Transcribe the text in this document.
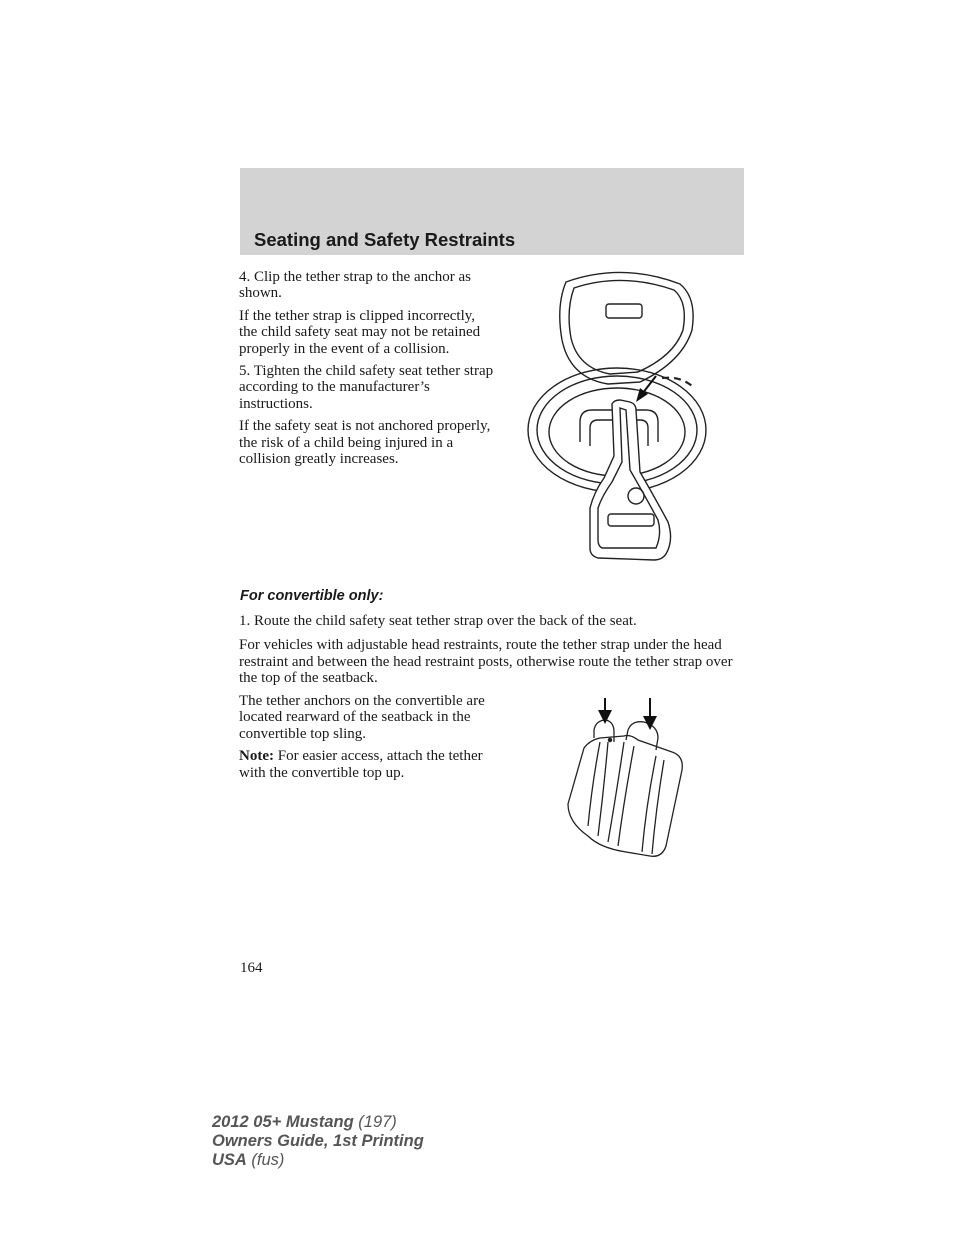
Seating and Safety Restraints

4. Clip the tether strap to the anchor as shown.

If the tether strap is clipped incorrectly, the child safety seat may not be retained properly in the event of a collision.

5. Tighten the child safety seat tether strap according to the manufacturer’s instructions.

If the safety seat is not anchored properly, the risk of a child being injured in a collision greatly increases.

For convertible only:

1. Route the child safety seat tether strap over the back of the seat.

For vehicles with adjustable head restraints, route the tether strap under the head restraint and between the head restraint posts, otherwise route the tether strap over the top of the seatback.

The tether anchors on the convertible are located rearward of the seatback in the convertible top sling.

Note: For easier access, attach the tether with the convertible top up.

164
2012 05+ Mustang (197)
Owners Guide, 1st Printing
USA (fus)
